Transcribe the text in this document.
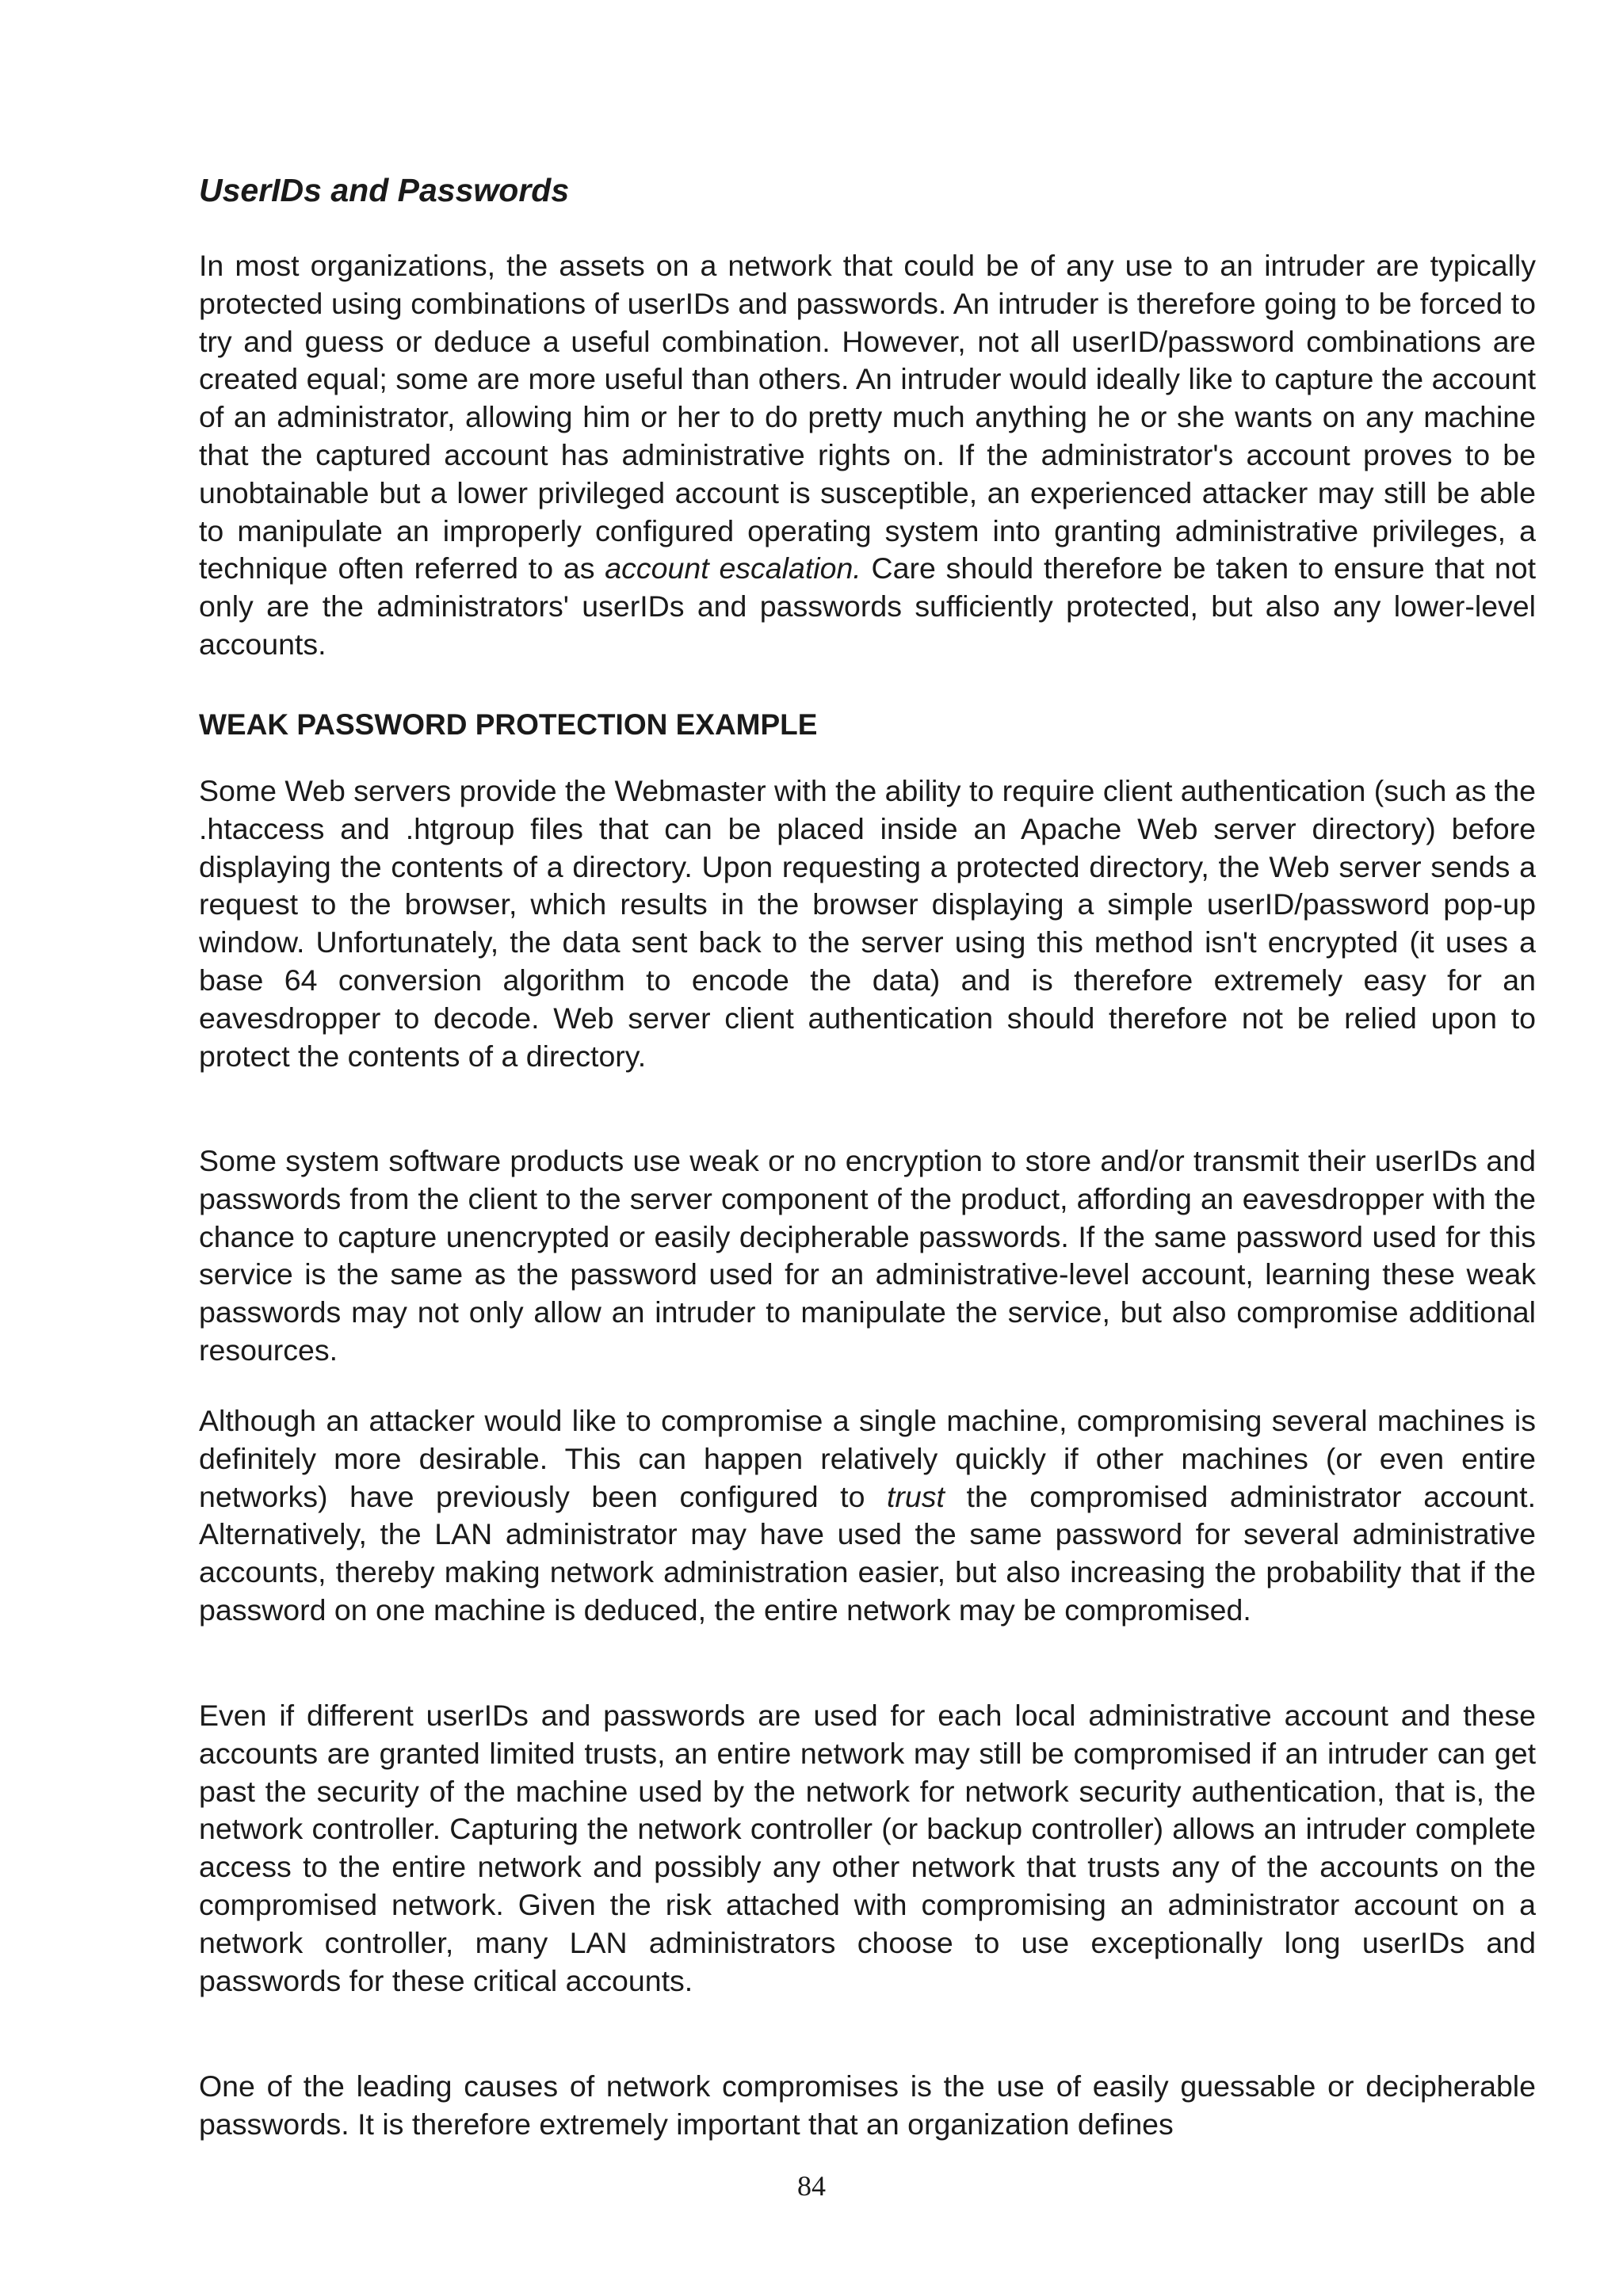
UserIDs and Passwords

In most organizations, the assets on a network that could be of any use to an intruder are typically protected using combinations of userIDs and passwords. An intruder is therefore going to be forced to try and guess or deduce a useful combination. However, not all userID/password combinations are created equal; some are more useful than others. An intruder would ideally like to capture the account of an administrator, allowing him or her to do pretty much anything he or she wants on any machine that the captured account has administrative rights on. If the administrator's account proves to be unobtainable but a lower privileged account is susceptible, an experienced attacker may still be able to manipulate an improperly configured operating system into granting administrative privileges, a technique often referred to as account escalation. Care should therefore be taken to ensure that not only are the administrators' userIDs and passwords sufficiently protected, but also any lower-level accounts.

WEAK PASSWORD PROTECTION EXAMPLE

Some Web servers provide the Webmaster with the ability to require client authentication (such as the .htaccess and .htgroup files that can be placed inside an Apache Web server directory) before displaying the contents of a directory. Upon requesting a protected directory, the Web server sends a request to the browser, which results in the browser displaying a simple userID/password pop-up window. Unfortunately, the data sent back to the server using this method isn't encrypted (it uses a base 64 conversion algorithm to encode the data) and is therefore extremely easy for an eavesdropper to decode. Web server client authentication should therefore not be relied upon to protect the contents of a directory.

Some system software products use weak or no encryption to store and/or transmit their userIDs and passwords from the client to the server component of the product, affording an eavesdropper with the chance to capture unencrypted or easily decipherable passwords. If the same password used for this service is the same as the password used for an administrative-level account, learning these weak passwords may not only allow an intruder to manipulate the service, but also compromise additional resources.

Although an attacker would like to compromise a single machine, compromising several machines is definitely more desirable. This can happen relatively quickly if other machines (or even entire networks) have previously been configured to trust the compromised administrator account. Alternatively, the LAN administrator may have used the same password for several administrative accounts, thereby making network administration easier, but also increasing the probability that if the password on one machine is deduced, the entire network may be compromised.

Even if different userIDs and passwords are used for each local administrative account and these accounts are granted limited trusts, an entire network may still be compromised if an intruder can get past the security of the machine used by the network for network security authentication, that is, the network controller. Capturing the network controller (or backup controller) allows an intruder complete access to the entire network and possibly any other network that trusts any of the accounts on the compromised network. Given the risk attached with compromising an administrator account on a network controller, many LAN administrators choose to use exceptionally long userIDs and passwords for these critical accounts.

One of the leading causes of network compromises is the use of easily guessable or decipherable passwords. It is therefore extremely important that an organization defines

84
